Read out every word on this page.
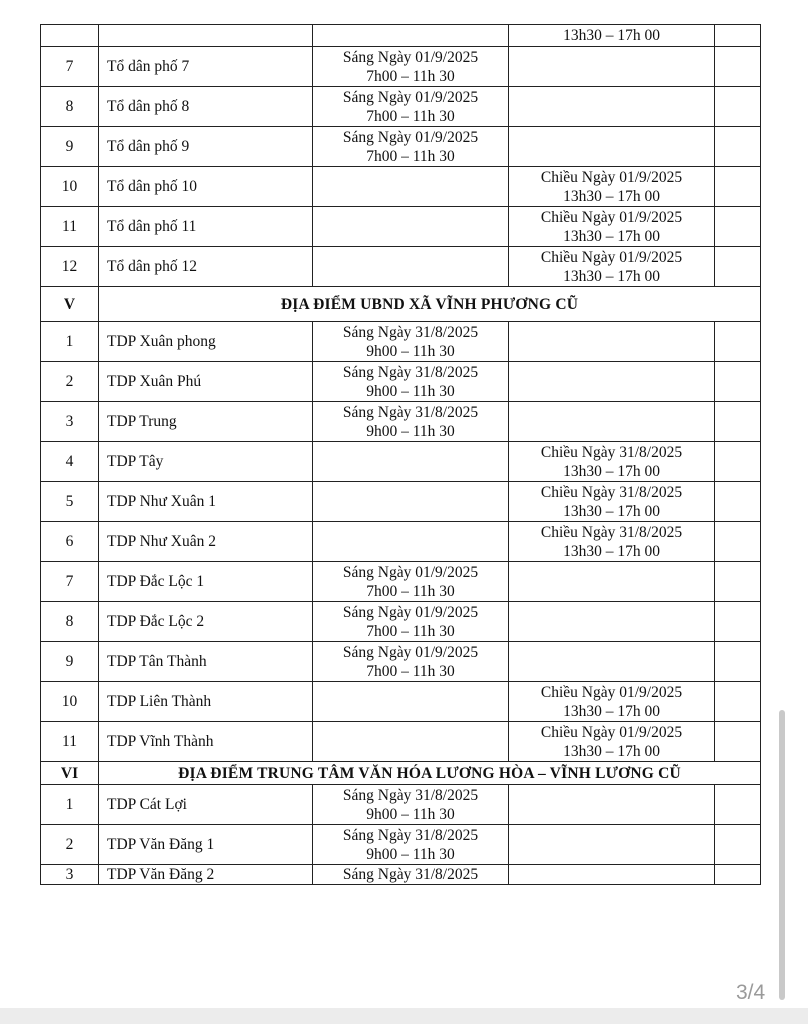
			13h30 – 17h 00	

7	Tổ dân phố 7	Sáng Ngày 01/9/2025
7h00 – 11h 30		

8	Tổ dân phố 8	Sáng Ngày 01/9/2025
7h00 – 11h 30		

9	Tổ dân phố 9	Sáng Ngày 01/9/2025
7h00 – 11h 30		

10	Tổ dân phố 10		Chiều Ngày 01/9/2025
13h30 – 17h 00	

11	Tổ dân phố 11		Chiều Ngày 01/9/2025
13h30 – 17h 00	

12	Tổ dân phố 12		Chiều Ngày 01/9/2025
13h30 – 17h 00	

V	ĐỊA ĐIỂM UBND XÃ VĨNH PHƯƠNG CŨ			
1	TDP Xuân phong	Sáng Ngày 31/8/2025
9h00 – 11h 30		

2	TDP Xuân Phú	Sáng Ngày 31/8/2025
9h00 – 11h 30		

3	TDP Trung	Sáng Ngày 31/8/2025
9h00 – 11h 30		

4	TDP Tây		Chiều Ngày 31/8/2025
13h30 – 17h 00	

5	TDP Như Xuân 1		Chiều Ngày 31/8/2025
13h30 – 17h 00	

6	TDP Như Xuân 2		Chiều Ngày 31/8/2025
13h30 – 17h 00	

7	TDP Đắc Lộc 1	Sáng Ngày 01/9/2025
7h00 – 11h 30		

8	TDP Đắc Lộc 2	Sáng Ngày 01/9/2025
7h00 – 11h 30		

9	TDP Tân Thành	Sáng Ngày 01/9/2025
7h00 – 11h 30		

10	TDP Liên Thành		Chiều Ngày 01/9/2025
13h30 – 17h 00	

11	TDP Vĩnh Thành		Chiều Ngày 01/9/2025
13h30 – 17h 00	

VI	ĐỊA ĐIỂM TRUNG TÂM VĂN HÓA LƯƠNG HÒA – VĨNH LƯƠNG CŨ			
1	TDP Cát Lợi	Sáng Ngày 31/8/2025
9h00 – 11h 30		

2	TDP Văn Đăng 1	Sáng Ngày 31/8/2025
9h00 – 11h 30		

3	TDP Văn Đăng 2	Sáng Ngày 31/8/2025		

3/4
